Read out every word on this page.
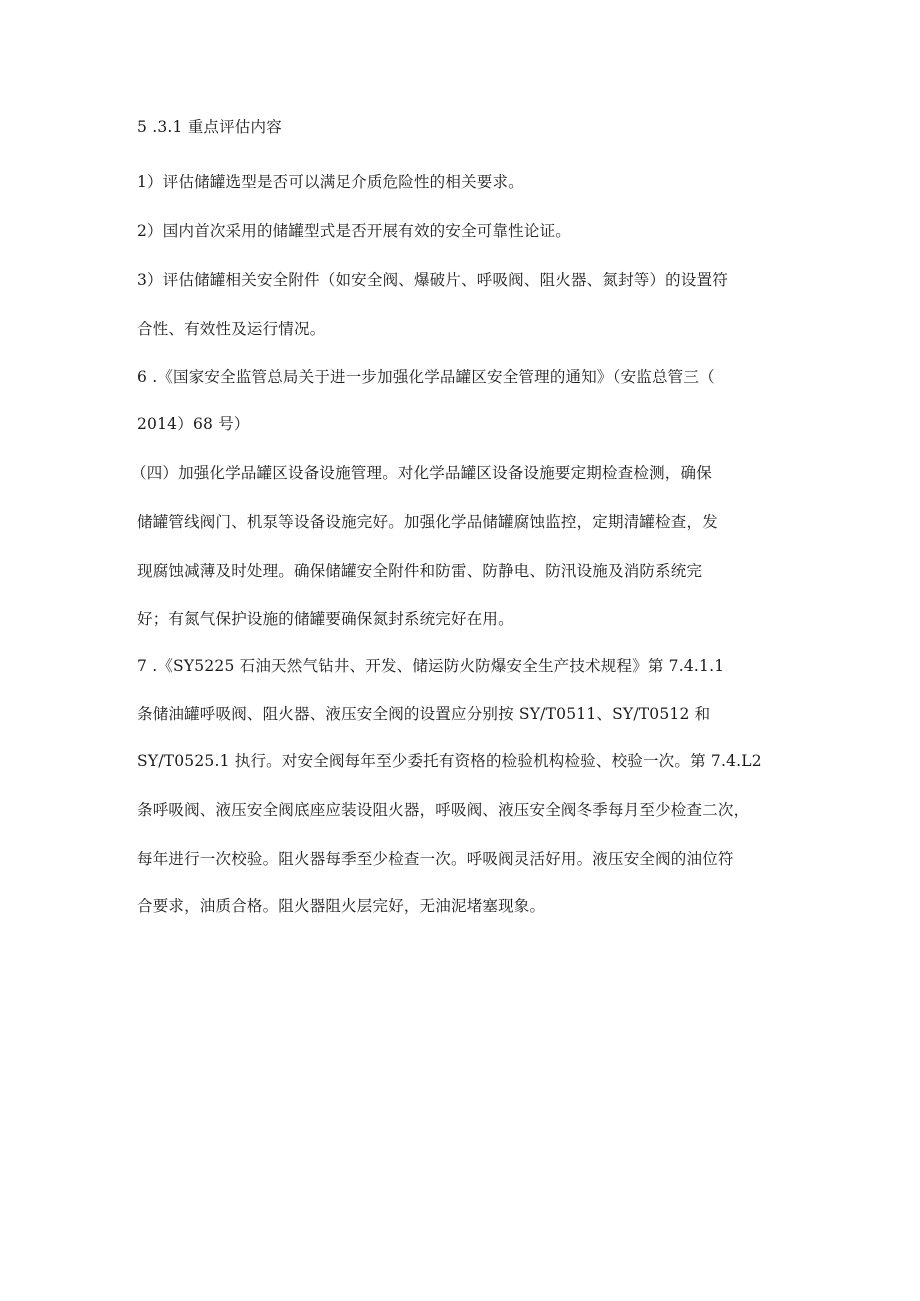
5 .3.1 重点评估内容
1）评估储罐选型是否可以满足介质危险性的相关要求。
2）国内首次采用的储罐型式是否开展有效的安全可靠性论证。
3）评估储罐相关安全附件（如安全阀、爆破片、呼吸阀、阻火器、氮封等）的设置符
合性、有效性及运行情况。
6 .《国家安全监管总局关于进一步加强化学品罐区安全管理的通知》（安监总管三（
2014）68 号）
（四）加强化学品罐区设备设施管理。对化学品罐区设备设施要定期检查检测，确保
储罐管线阀门、机泵等设备设施完好。加强化学品储罐腐蚀监控，定期清罐检查，发
现腐蚀减薄及时处理。确保储罐安全附件和防雷、防静电、防汛设施及消防系统完
好；有氮气保护设施的储罐要确保氮封系统完好在用。
7 .《SY5225 石油天然气钻井、开发、储运防火防爆安全生产技术规程》第 7.4.1.1
条储油罐呼吸阀、阻火器、液压安全阀的设置应分别按 SY/T0511、SY/T0512 和
SY/T0525.1 执行。对安全阀每年至少委托有资格的检验机构检验、校验一次。第 7.4.L2
条呼吸阀、液压安全阀底座应装设阻火器，呼吸阀、液压安全阀冬季每月至少检查二次，
每年进行一次校验。阻火器每季至少检查一次。呼吸阀灵活好用。液压安全阀的油位符
合要求，油质合格。阻火器阻火层完好，无油泥堵塞现象。
